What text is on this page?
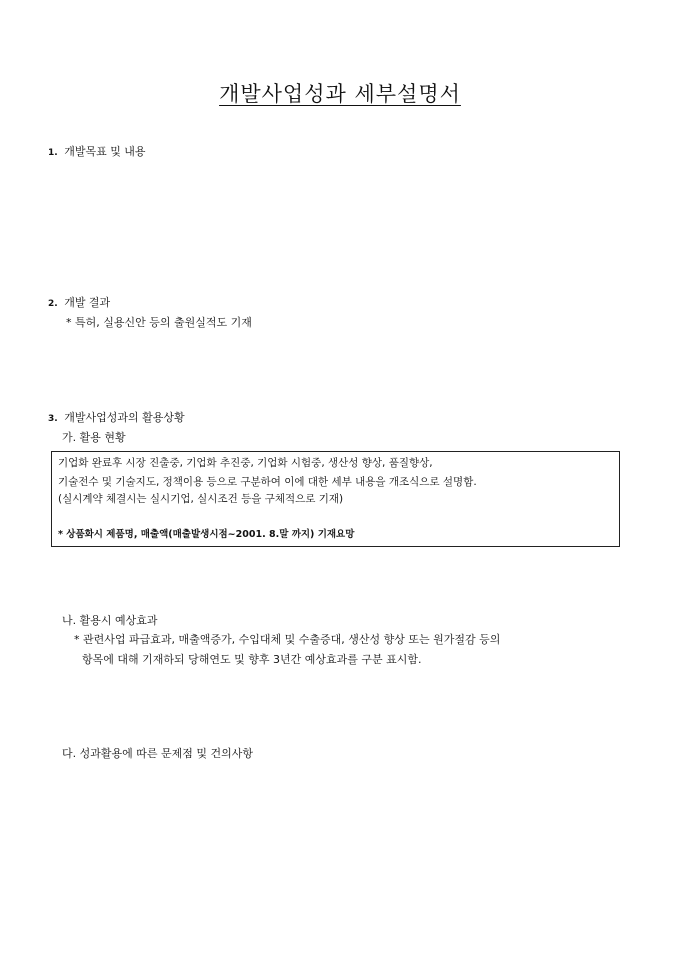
개발사업성과 세부설명서
1. 개발목표 및 내용
2. 개발 결과
* 특허, 실용신안 등의 출원실적도 기재
3. 개발사업성과의 활용상황
가. 활용 현황
기업화 완료후 시장 진출중, 기업화 추진중, 기업화 시험중, 생산성 향상, 품질향상,
기술전수 및 기술지도, 정책이용 등으로 구분하여 이에 대한 세부 내용을 개조식으로 설명함.
(실시계약 체결시는 실시기업, 실시조건 등을 구체적으로 기재)
* 상품화시 제품명, 매출액(매출발생시점~2001. 8.말 까지) 기재요망
나. 활용시 예상효과
* 관련사업 파급효과, 매출액증가, 수입대체 및 수출증대, 생산성 향상 또는 원가절감 등의
항목에 대해 기재하되 당해연도 및 향후 3년간 예상효과를 구분 표시함.
다. 성과활용에 따른 문제점 및 건의사항
